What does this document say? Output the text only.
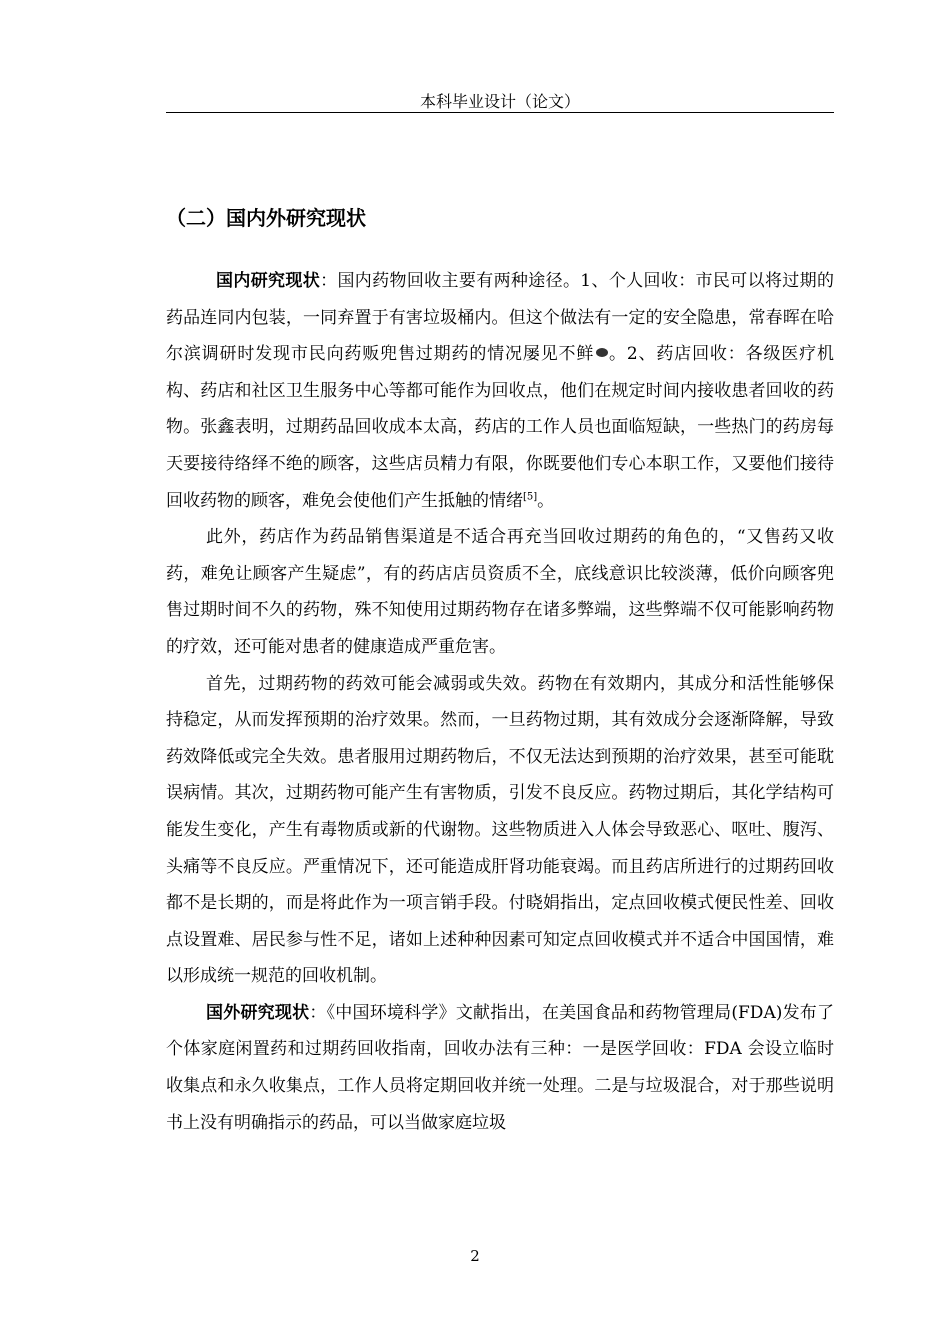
本科毕业设计（论文）
（二）国内外研究现状

国内研究现状：国内药物回收主要有两种途径。1、个人回收：市民可以将过期的药品连同内包装，一同弃置于有害垃圾桶内。但这个做法有一定的安全隐患，常春晖在哈尔滨调研时发现市民向药贩兜售过期药的情况屡见不鲜 。2、药店回收：各级医疗机构、药店和社区卫生服务中心等都可能作为回收点，他们在规定时间内接收患者回收的药物。张鑫表明，过期药品回收成本太高，药店的工作人员也面临短缺，一些热门的药房每天要接待络绎不绝的顾客，这些店员精力有限，你既要他们专心本职工作，又要他们接待回收药物的顾客，难免会使他们产生抵触的情绪[5]。

此外，药店作为药品销售渠道是不适合再充当回收过期药的角色的，“又售药又收药，难免让顾客产生疑虑”，有的药店店员资质不全，底线意识比较淡薄，低价向顾客兜售过期时间不久的药物，殊不知使用过期药物存在诸多弊端，这些弊端不仅可能影响药物的疗效，还可能对患者的健康造成严重危害。

首先，过期药物的药效可能会减弱或失效。药物在有效期内，其成分和活性能够保持稳定，从而发挥预期的治疗效果。然而，一旦药物过期，其有效成分会逐渐降解，导致药效降低或完全失效。患者服用过期药物后，不仅无法达到预期的治疗效果，甚至可能耽误病情。其次，过期药物可能产生有害物质，引发不良反应。药物过期后，其化学结构可能发生变化，产生有毒物质或新的代谢物。这些物质进入人体会导致恶心、呕吐、腹泻、头痛等不良反应。严重情况下，还可能造成肝肾功能衰竭。而且药店所进行的过期药回收都不是长期的，而是将此作为一项言销手段。付晓娟指出，定点回收模式便民性差、回收点设置难、居民参与性不足，诸如上述种种因素可知定点回收模式并不适合中国国情，难以形成统一规范的回收机制。

国外研究现状：《中国环境科学》文献指出，在美国食品和药物管理局(FDA)发布了个体家庭闲置药和过期药回收指南，回收办法有三种：一是医学回收：FDA 会设立临时收集点和永久收集点，工作人员将定期回收并统一处理。二是与垃圾混合，对于那些说明书上没有明确指示的药品，可以当做家庭垃圾

2
